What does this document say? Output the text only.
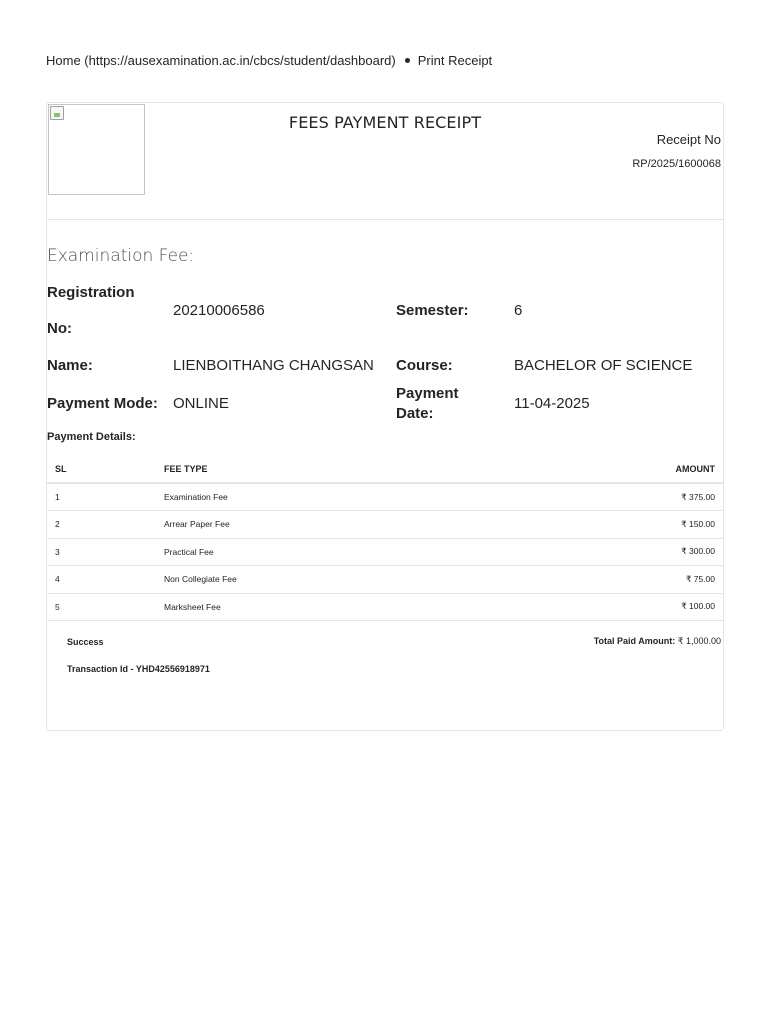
Home (https://ausexamination.ac.in/cbcs/student/dashboard) Print Receipt
FEES PAYMENT RECEIPT
Receipt No
RP/2025/1600068
Examination Fee:
Registration
No:
20210006586	Semester:	6
Name:	LIENBOITHANG CHANGSAN Course:	BACHELOR OF SCIENCE
Payment Mode: ONLINE
Payment
Date:
11-04-2025
Payment Details:
SL	FEE TYPE	AMOUNT
1	Examination Fee	₹ 375.00
2	Arrear Paper Fee	₹ 150.00
3	Practical Fee	₹ 300.00
4	Non Collegiate Fee	₹ 75.00
5	Marksheet Fee	₹ 100.00
Success	Total Paid Amount: ₹ 1,000.00
Transaction Id - YHD42556918971
